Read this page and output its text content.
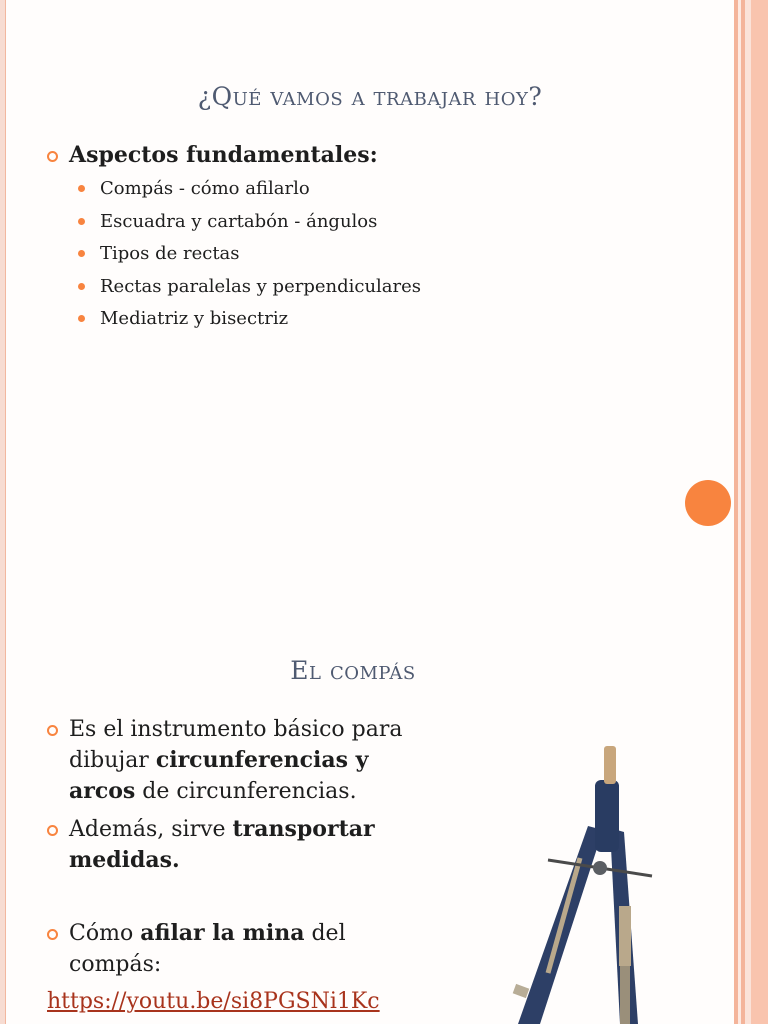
¿Qué vamos a trabajar hoy?
Aspectos fundamentales:
Compás - cómo afilarlo
Escuadra y cartabón - ángulos
Tipos de rectas
Rectas paralelas y perpendiculares
Mediatriz y bisectriz
El compás
Es el instrumento básico para
dibujar circunferencias y
arcos de circunferencias.
Además, sirve transportar
medidas.
Cómo afilar la mina del
compás:
https://youtu.be/si8PGSNi1Kc
